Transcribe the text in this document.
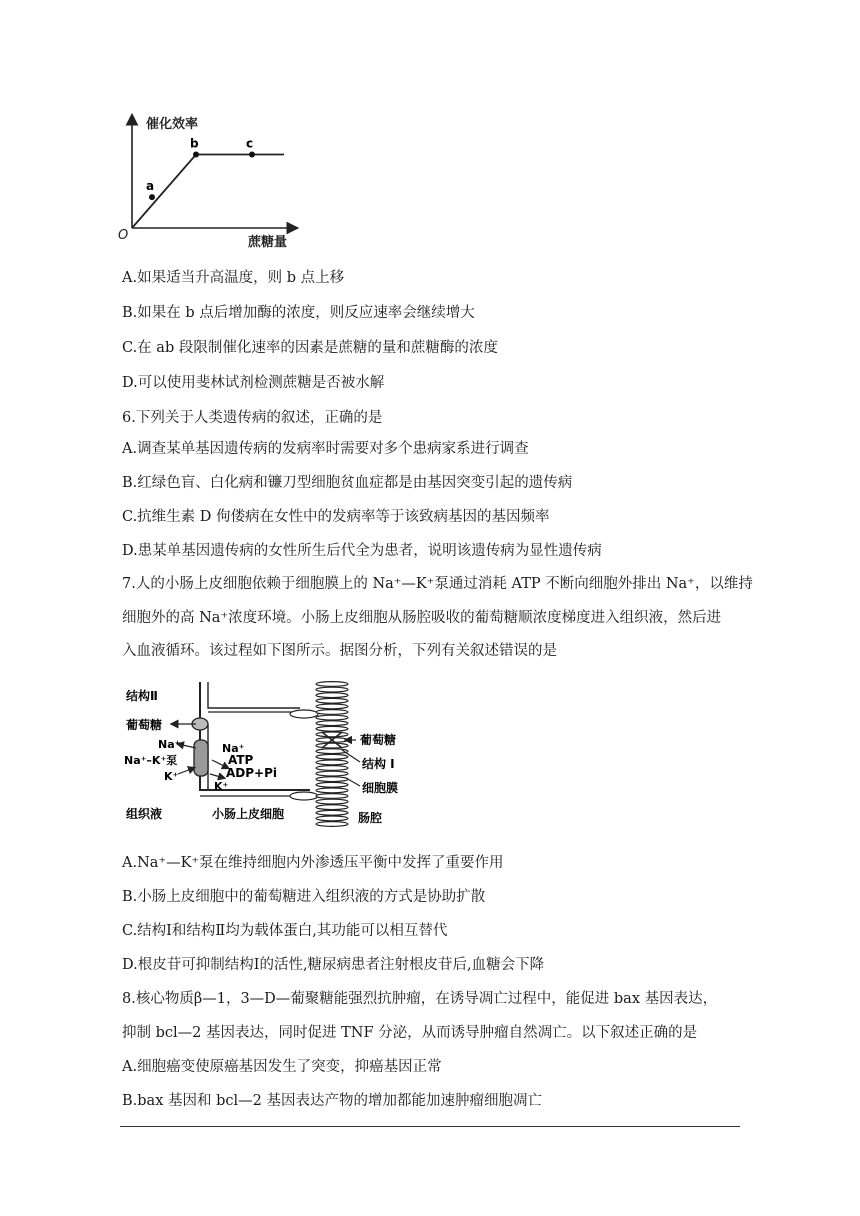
催化效率
蔗糖量
O
a
b	c
A.如果适当升高温度，则 b 点上移
B.如果在 b 点后增加酶的浓度，则反应速率会继续增大
C.在 ab 段限制催化速率的因素是蔗糖的量和蔗糖酶的浓度
D.可以使用斐林试剂检测蔗糖是否被水解
6.下列关于人类遗传病的叙述，正确的是
A.调查某单基因遗传病的发病率时需要对多个患病家系进行调查
B.红绿色盲、白化病和镰刀型细胞贫血症都是由基因突变引起的遗传病
C.抗维生素 D 佝偻病在女性中的发病率等于该致病基因的基因频率
D.患某单基因遗传病的女性所生后代全为患者，说明该遗传病为显性遗传病
7.人的小肠上皮细胞依赖于细胞膜上的 Na⁺—K⁺泵通过消耗 ATP 不断向细胞外排出 Na⁺，以维持
细胞外的高 Na⁺浓度环境。小肠上皮细胞从肠腔吸收的葡萄糖顺浓度梯度进入组织液，然后进
入血液循环。该过程如下图所示。据图分析，下列有关叙述错误的是
结构Ⅱ
葡萄糖
Na⁺	Na⁺
Na⁺–K⁺泵	ATP
ADP+Pi
K⁺
K⁺
葡萄糖
结构 I
细胞膜
组织液	小肠上皮细胞	肠腔
A.Na⁺—K⁺泵在维持细胞内外渗透压平衡中发挥了重要作用
B.小肠上皮细胞中的葡萄糖进入组织液的方式是协助扩散
C.结构Ⅰ和结构Ⅱ均为载体蛋白,其功能可以相互替代
D.根皮苷可抑制结构Ⅰ的活性,糖尿病患者注射根皮苷后,血糖会下降
8.核心物质β—1，3—D—葡聚糖能强烈抗肿瘤，在诱导凋亡过程中，能促进 bax 基因表达，
抑制 bcl—2 基因表达，同时促进 TNF 分泌，从而诱导肿瘤自然凋亡。以下叙述正确的是
A.细胞癌变使原癌基因发生了突变，抑癌基因正常
B.bax 基因和 bcl—2 基因表达产物的增加都能加速肿瘤细胞凋亡
